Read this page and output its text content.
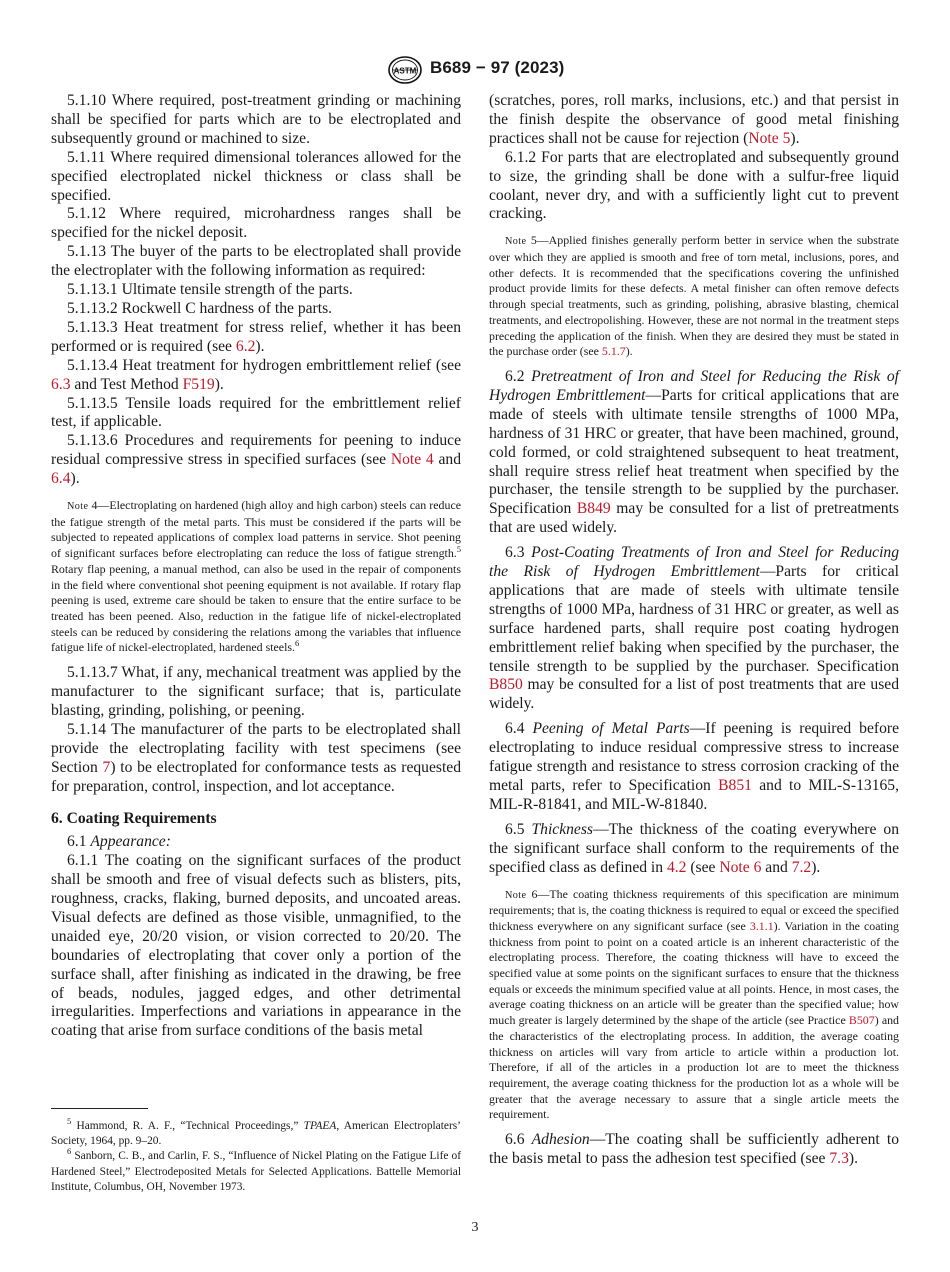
ASTM B689 − 97 (2023)

5.1.10 Where required, post-treatment grinding or machining shall be specified for parts which are to be electroplated and subsequently ground or machined to size.

5.1.11 Where required dimensional tolerances allowed for the specified electroplated nickel thickness or class shall be specified.

5.1.12 Where required, microhardness ranges shall be specified for the nickel deposit.

5.1.13 The buyer of the parts to be electroplated shall provide the electroplater with the following information as required:

5.1.13.1 Ultimate tensile strength of the parts.

5.1.13.2 Rockwell C hardness of the parts.

5.1.13.3 Heat treatment for stress relief, whether it has been performed or is required (see 6.2).

5.1.13.4 Heat treatment for hydrogen embrittlement relief (see 6.3 and Test Method F519).

5.1.13.5 Tensile loads required for the embrittlement relief test, if applicable.

5.1.13.6 Procedures and requirements for peening to induce residual compressive stress in specified surfaces (see Note 4 and 6.4).

Note 4—Electroplating on hardened (high alloy and high carbon) steels can reduce the fatigue strength of the metal parts. This must be considered if the parts will be subjected to repeated applications of complex load patterns in service. Shot peening of significant surfaces before electroplating can reduce the loss of fatigue strength.$^5$ Rotary flap peening, a manual method, can also be used in the repair of components in the field where conventional shot peening equipment is not available. If rotary flap peening is used, extreme care should be taken to ensure that the entire surface to be treated has been peened. Also, reduction in the fatigue life of nickel-electroplated steels can be reduced by considering the relations among the variables that influence fatigue life of nickel-electroplated, hardened steels.$^6$

5.1.13.7 What, if any, mechanical treatment was applied by the manufacturer to the significant surface; that is, particulate blasting, grinding, polishing, or peening.

5.1.14 The manufacturer of the parts to be electroplated shall provide the electroplating facility with test specimens (see Section 7) to be electroplated for conformance tests as requested for preparation, control, inspection, and lot acceptance.

6. Coating Requirements

6.1 Appearance:

6.1.1 The coating on the significant surfaces of the product shall be smooth and free of visual defects such as blisters, pits, roughness, cracks, flaking, burned deposits, and uncoated areas. Visual defects are defined as those visible, unmagnified, to the unaided eye, 20/20 vision, or vision corrected to 20/20. The boundaries of electroplating that cover only a portion of the surface shall, after finishing as indicated in the drawing, be free of beads, nodules, jagged edges, and other detrimental irregularities. Imperfections and variations in appearance in the coating that arise from surface conditions of the basis metal

(scratches, pores, roll marks, inclusions, etc.) and that persist in the finish despite the observance of good metal finishing practices shall not be cause for rejection (Note 5).

6.1.2 For parts that are electroplated and subsequently ground to size, the grinding shall be done with a sulfur-free liquid coolant, never dry, and with a sufficiently light cut to prevent cracking.

Note 5—Applied finishes generally perform better in service when the substrate over which they are applied is smooth and free of torn metal, inclusions, pores, and other defects. It is recommended that the specifications covering the unfinished product provide limits for these defects. A metal finisher can often remove defects through special treatments, such as grinding, polishing, abrasive blasting, chemical treatments, and electropolishing. However, these are not normal in the treatment steps preceding the application of the finish. When they are desired they must be stated in the purchase order (see 5.1.7).

6.2 Pretreatment of Iron and Steel for Reducing the Risk of Hydrogen Embrittlement—Parts for critical applications that are made of steels with ultimate tensile strengths of 1000 MPa, hardness of 31 HRC or greater, that have been machined, ground, cold formed, or cold straightened subsequent to heat treatment, shall require stress relief heat treatment when specified by the purchaser, the tensile strength to be supplied by the purchaser. Specification B849 may be consulted for a list of pretreatments that are used widely.

6.3 Post-Coating Treatments of Iron and Steel for Reducing the Risk of Hydrogen Embrittlement—Parts for critical applications that are made of steels with ultimate tensile strengths of 1000 MPa, hardness of 31 HRC or greater, as well as surface hardened parts, shall require post coating hydrogen embrittlement relief baking when specified by the purchaser, the tensile strength to be supplied by the purchaser. Specification B850 may be consulted for a list of post treatments that are used widely.

6.4 Peening of Metal Parts—If peening is required before electroplating to induce residual compressive stress to increase fatigue strength and resistance to stress corrosion cracking of the metal parts, refer to Specification B851 and to MIL-S-13165, MIL-R-81841, and MIL-W-81840.

6.5 Thickness—The thickness of the coating everywhere on the significant surface shall conform to the requirements of the specified class as defined in 4.2 (see Note 6 and 7.2).

Note 6—The coating thickness requirements of this specification are minimum requirements; that is, the coating thickness is required to equal or exceed the specified thickness everywhere on any significant surface (see 3.1.1). Variation in the coating thickness from point to point on a coated article is an inherent characteristic of the electroplating process. Therefore, the coating thickness will have to exceed the specified value at some points on the significant surfaces to ensure that the thickness equals or exceeds the minimum specified value at all points. Hence, in most cases, the average coating thickness on an article will be greater than the specified value; how much greater is largely determined by the shape of the article (see Practice B507) and the characteristics of the electroplating process. In addition, the average coating thickness on articles will vary from article to article within a production lot. Therefore, if all of the articles in a production lot are to meet the thickness requirement, the average coating thickness for the production lot as a whole will be greater that the average necessary to assure that a single article meets the requirement.

6.6 Adhesion—The coating shall be sufficiently adherent to the basis metal to pass the adhesion test specified (see 7.3).

$^5$ Hammond, R. A. F., “Technical Proceedings,” TPAEA, American Electroplaters’ Society, 1964, pp. 9–20.

$^6$ Sanborn, C. B., and Carlin, F. S., “Influence of Nickel Plating on the Fatigue Life of Hardened Steel,” Electrodeposited Metals for Selected Applications. Battelle Memorial Institute, Columbus, OH, November 1973.

3
